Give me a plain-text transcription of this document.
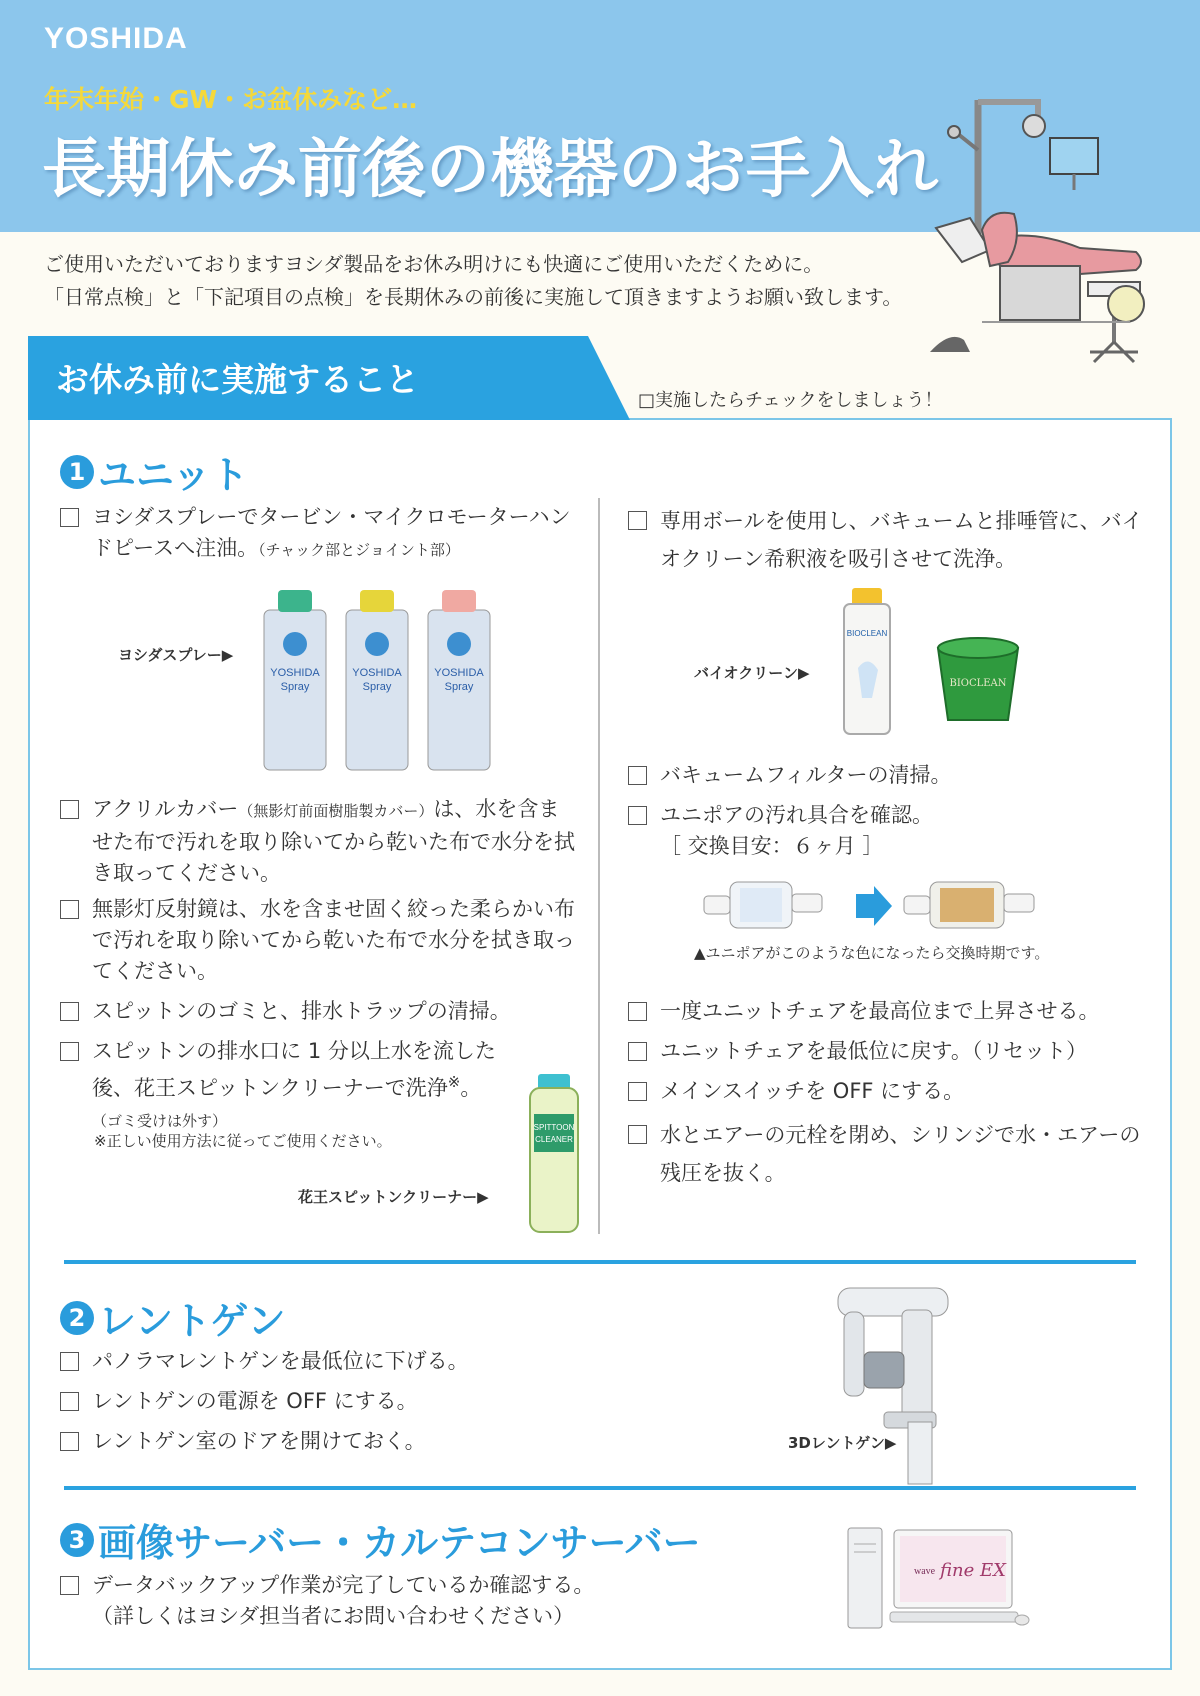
YOSHIDA
年末年始・GW・お盆休みなど…
長期休み前後の機器のお手入れ
ご使用いただいておりますヨシダ製品をお休み明けにも快適にご使用いただくために。
「日常点検」と「下記項目の点検」を長期休みの前後に実施して頂きますようお願い致します。
お休み前に実施すること
□実施したらチェックをしましょう！
1 ユニット
ヨシダスプレーでタービン・マイクロモーターハンドピースへ注油。（チャック部とジョイント部）
ヨシダスプレー▶
YOSHIDA
Spray
YOSHIDA
Spray
YOSHIDA
Spray
アクリルカバー（無影灯前面樹脂製カバー）は、水を含ませた布で汚れを取り除いてから乾いた布で水分を拭き取ってください。
無影灯反射鏡は、水を含ませ固く絞った柔らかい布で汚れを取り除いてから乾いた布で水分を拭き取ってください。
スピットンのゴミと、排水トラップの清掃。
スピットンの排水口に 1 分以上水を流した後、花王スピットンクリーナーで洗浄※。
（ゴミ受けは外す）
※正しい使用方法に従ってご使用ください。
花王スピットンクリーナー▶
SPITTOON
CLEANER
専用ボールを使用し、バキュームと排唾管に、バイオクリーン希釈液を吸引させて洗浄。
バイオクリーン▶
BIOCLEAN
BIOCLEAN
バキュームフィルターの清掃。
ユニポアの汚れ具合を確認。
［ 交換目安：６ヶ月 ］
▲ユニポアがこのような色になったら交換時期です。
一度ユニットチェアを最高位まで上昇させる。
ユニットチェアを最低位に戻す。（リセット）
メインスイッチを OFF にする。
水とエアーの元栓を閉め、シリンジで水・エアーの残圧を抜く。
2 レントゲン
パノラマレントゲンを最低位に下げる。
レントゲンの電源を OFF にする。
レントゲン室のドアを開けておく。	3Dレントゲン▶
3 画像サーバー・カルテコンサーバー
データバックアップ作業が完了しているか確認する。
（詳しくはヨシダ担当者にお問い合わせください）
wave fine EX
